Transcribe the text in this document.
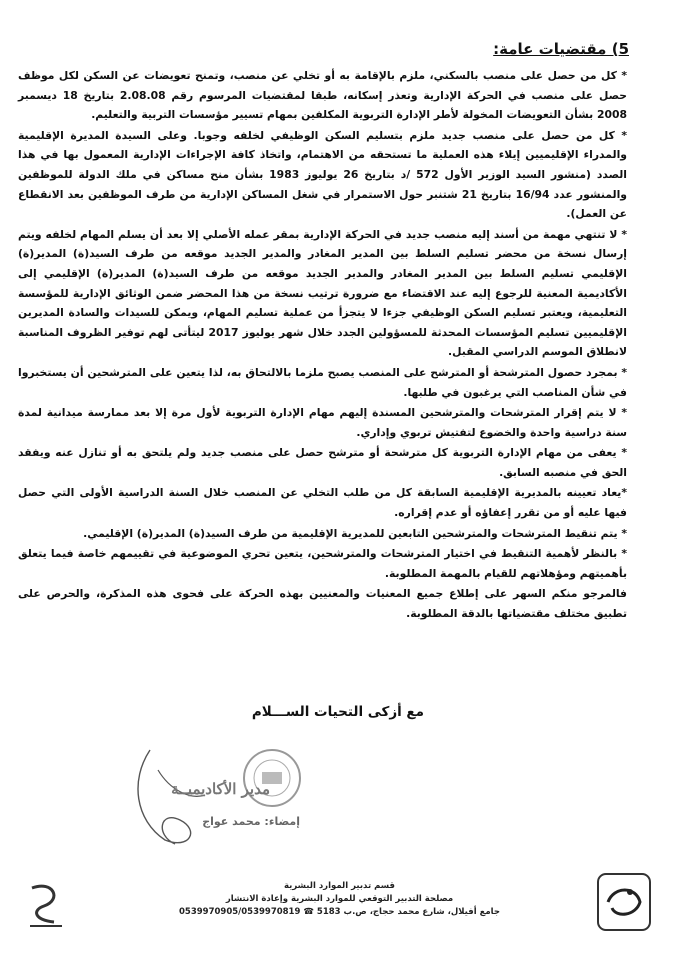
5) مقتضيات عامة:

* كل من حصل على منصب بالسكني، ملزم بالإقامة به أو تخلي عن منصب، وتمنح تعويضات عن السكن لكل موظف حصل على منصب في الحركة الإدارية وتعذر إسكانه، طبقا لمقتضيات المرسوم رقم 2.08.08 بتاريخ 18 ديسمبر 2008 بشأن التعويضات المخولة لأطر الإدارة التربوية المكلفين بمهام تسيير مؤسسات التربية والتعليم.

* كل من حصل على منصب جديد ملزم بتسليم السكن الوظيفي لخلفه وجوبا. وعلى السيدة المديرة الإقليمية والمدراء الإقليميين إيلاء هذه العملية ما تستحقه من الاهتمام، واتخاذ كافة الإجراءات الإدارية المعمول بها في هذا الصدد (منشور السيد الوزير الأول 572 /د بتاريخ 26 يوليوز 1983 بشأن منح مساكن في ملك الدولة للموظفين والمنشور عدد 16/94 بتاريخ 21 شتنبر حول الاستمرار في شغل المساكن الإدارية من طرف الموظفين بعد الانقطاع عن العمل).

* لا تنتهي مهمة من أسند إليه منصب جديد في الحركة الإدارية بمقر عمله الأصلي إلا بعد أن يسلم المهام لخلفه ويتم إرسال نسخة من محضر تسليم السلط بين المدير المغادر والمدير الجديد موقعه من طرف السيد(ة) المدير(ة) الإقليمي تسليم السلط بين المدير المغادر والمدير الجديد موقعه من طرف السيد(ة) المدير(ة) الإقليمي إلى الأكاديمية المعنية للرجوع إليه عند الاقتضاء مع ضرورة ترتيب نسخة من هذا المحضر ضمن الوثائق الإدارية للمؤسسة التعليمية، ويعتبر تسليم السكن الوظيفي جزءا لا يتجزأ من عملية تسليم المهام، ويمكن للسيدات والسادة المديرين الإقليميين تسليم المؤسسات المحدثة للمسؤولين الجدد خلال شهر يوليوز 2017 ليتأتى لهم توفير الظروف المناسبة لانطلاق الموسم الدراسي المقبل.

* بمجرد حصول المترشحة أو المترشح على المنصب يصبح ملزما بالالتحاق به، لذا يتعين على المترشحين أن يستخبروا في شأن المناصب التي يرغبون في طلبها.

* لا يتم إقرار المترشحات والمترشحين المسندة إليهم مهام الإدارة التربوية لأول مرة إلا بعد ممارسة ميدانية لمدة سنة دراسية واحدة والخضوع لتفتيش تربوي وإداري.

* يعفى من مهام الإدارة التربوية كل مترشحة أو مترشح حصل على منصب جديد ولم يلتحق به أو تنازل عنه ويفقد الحق في منصبه السابق.

*يعاد تعيينه بالمديرية الإقليمية السابقة كل من طلب التخلي عن المنصب خلال السنة الدراسية الأولى التي حصل فيها عليه أو من تقرر إعفاؤه أو عدم إقراره.

* يتم تنقيط المترشحات والمترشحين التابعين للمديرية الإقليمية من طرف السيد(ة) المدير(ة) الإقليمي.

* بالنظر لأهمية التنقيط في اختيار المترشحات والمترشحين، يتعين تحري الموضوعية في تقييمهم خاصة فيما يتعلق بأهميتهم ومؤهلاتهم للقيام بالمهمة المطلوبة.

فالمرجو منكم السهر على إطلاع جميع المعنيات والمعنيين بهذه الحركة على فحوى هذه المذكرة، والحرص على تطبيق مختلف مقتضياتها بالدقة المطلوبة.

مع أزكى التحيات الســـلام
مدير الأكاديميــة
إمضاء: محمد عواج
قسم تدبير الموارد البشرية
مصلحة التدبير التوقعي للموارد البشرية وإعادة الانتشار
جامع أفيلال، شارع محمد حجاج، ص.ب 5183 ☎ 0539970905/0539970819
